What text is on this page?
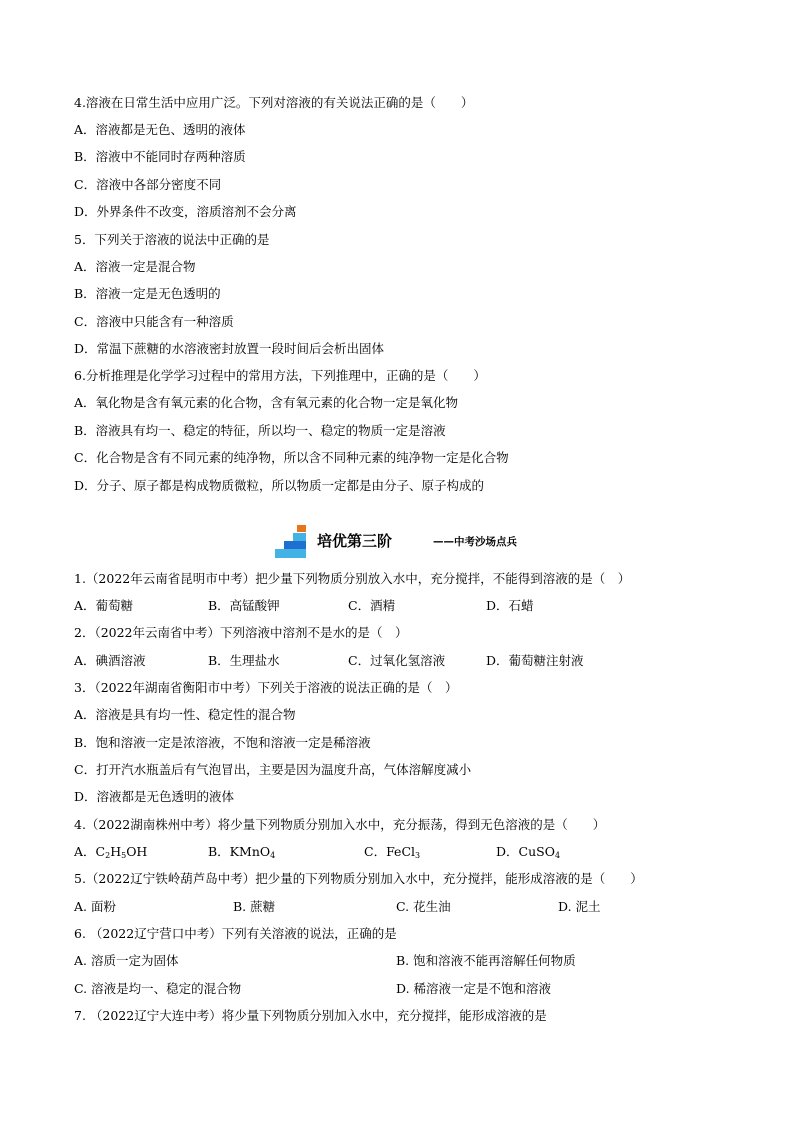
4.溶液在日常生活中应用广泛。下列对溶液的有关说法正确的是（　　）
A．溶液都是无色、透明的液体
B．溶液中不能同时存两种溶质
C．溶液中各部分密度不同
D．外界条件不改变，溶质溶剂不会分离
5．下列关于溶液的说法中正确的是
A．溶液一定是混合物
B．溶液一定是无色透明的
C．溶液中只能含有一种溶质
D．常温下蔗糖的水溶液密封放置一段时间后会析出固体
6.分析推理是化学学习过程中的常用方法，下列推理中，正确的是（　　）
A．氧化物是含有氧元素的化合物，含有氧元素的化合物一定是氧化物
B．溶液具有均一、稳定的特征，所以均一、稳定的物质一定是溶液
C．化合物是含有不同元素的纯净物，所以含不同种元素的纯净物一定是化合物
D．分子、原子都是构成物质微粒，所以物质一定都是由分子、原子构成的
培优第三阶	——中考沙场点兵
1.（2022年云南省昆明市中考）把少量下列物质分别放入水中，充分搅拌，不能得到溶液的是（　）
A．葡萄糖	B．高锰酸钾	C．酒精	D．石蜡
2．（2022年云南省中考）下列溶液中溶剂不是水的是（　）
A．碘酒溶液	B．生理盐水	C．过氧化氢溶液	D．葡萄糖注射液
3．（2022年湖南省衡阳市中考）下列关于溶液的说法正确的是（　）
A．溶液是具有均一性、稳定性的混合物
B．饱和溶液一定是浓溶液，不饱和溶液一定是稀溶液
C．打开汽水瓶盖后有气泡冒出，主要是因为温度升高，气体溶解度减小
D．溶液都是无色透明的液体
4.（2022湖南株州中考）将少量下列物质分别加入水中，充分振荡，得到无色溶液的是（　　）
A．$C_2H_5OH$	B．KMnO$_4$	C．FeCl$_3$	D．CuSO$_4$
5.（2022辽宁铁岭葫芦岛中考）把少量的下列物质分别加入水中，充分搅拌，能形成溶液的是（　　）
A. 面粉	B. 蔗糖	C. 花生油	D. 泥土
6. （2022辽宁营口中考）下列有关溶液的说法，正确的是
A. 溶质一定为固体	B. 饱和溶液不能再溶解任何物质
C. 溶液是均一、稳定的混合物	D. 稀溶液一定是不饱和溶液
7. （2022辽宁大连中考）将少量下列物质分别加入水中，充分搅拌，能形成溶液的是
